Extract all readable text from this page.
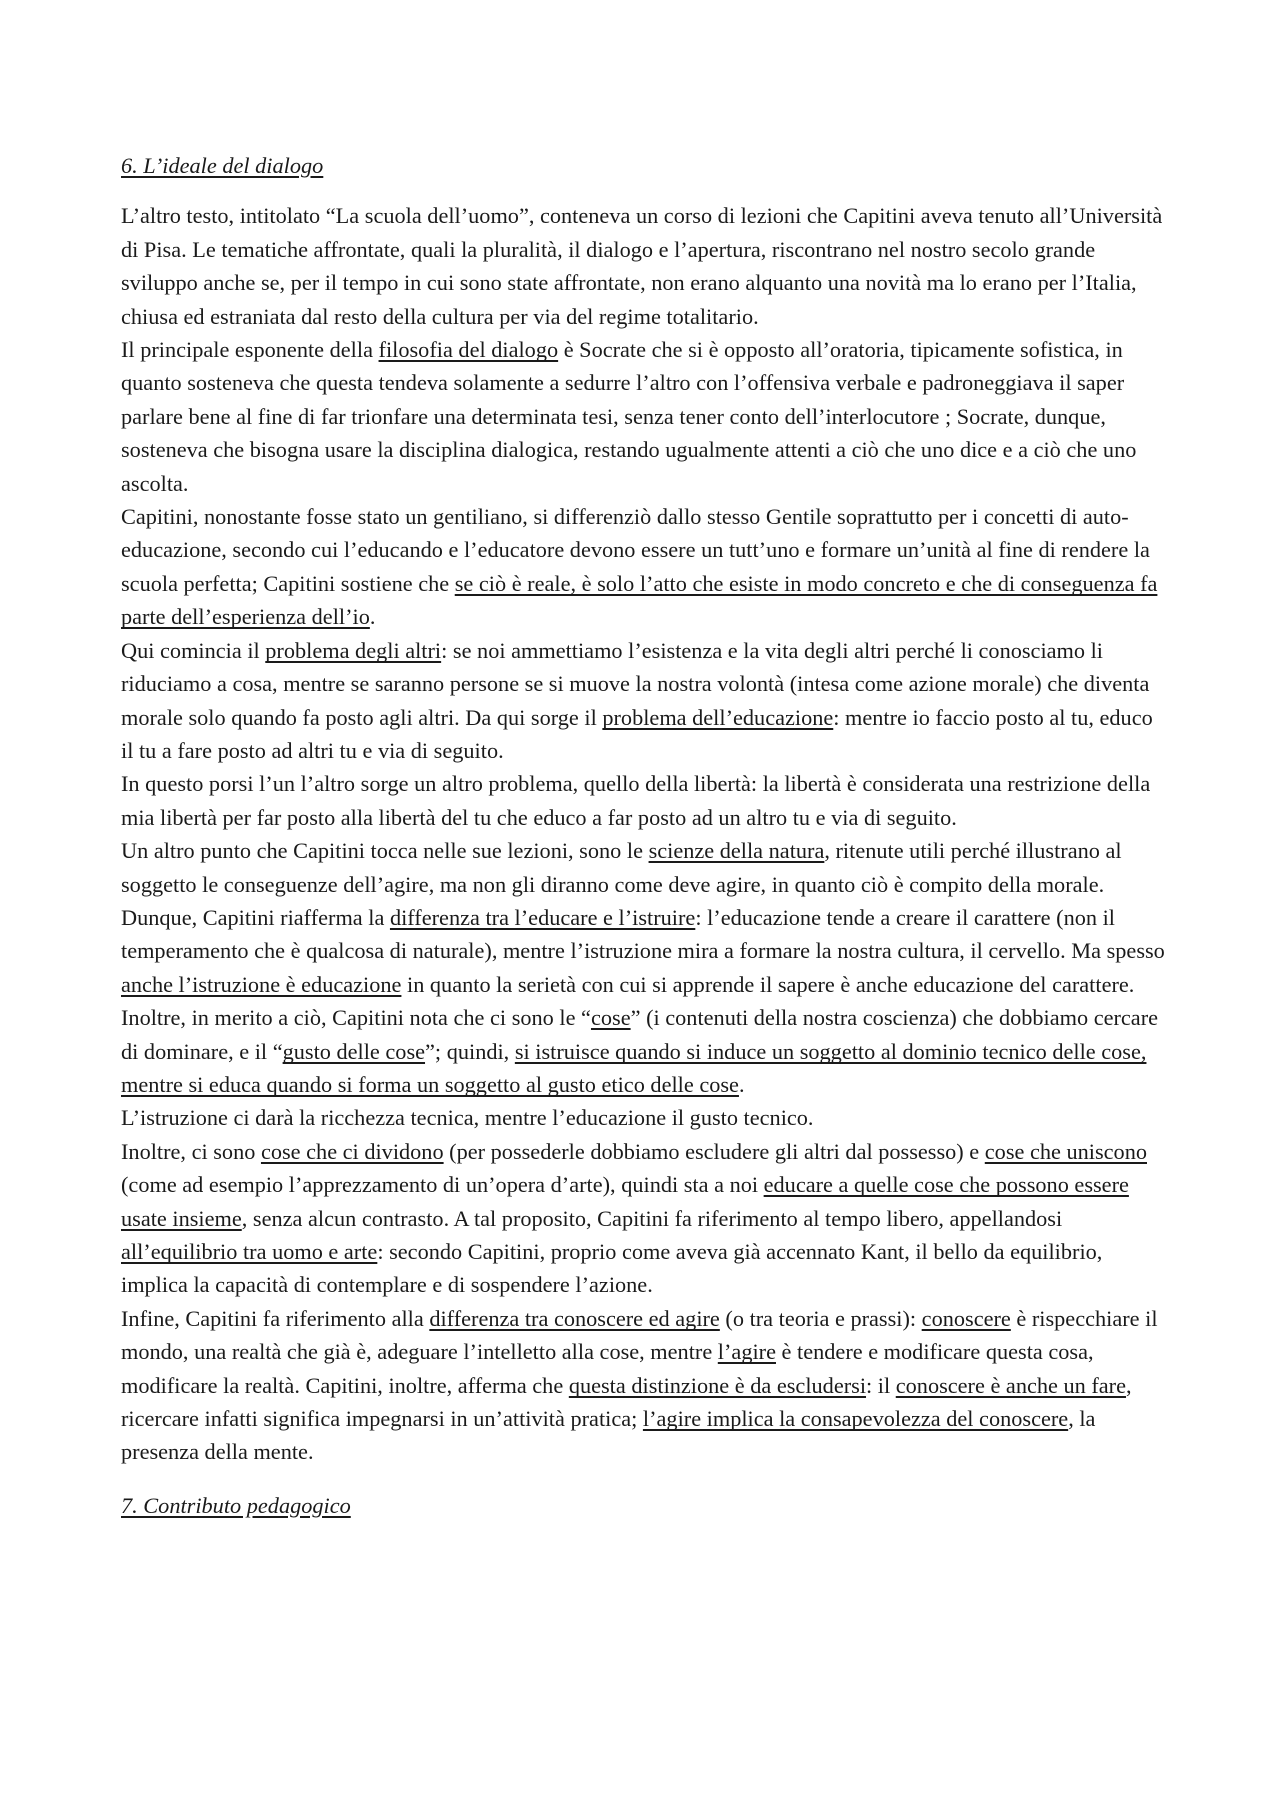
6. L’ideale del dialogo

L’altro testo, intitolato “La scuola dell’uomo”, conteneva un corso di lezioni che Capitini aveva tenuto all’Università di Pisa. Le tematiche affrontate, quali la pluralità, il dialogo e l’apertura, riscontrano nel nostro secolo grande sviluppo anche se, per il tempo in cui sono state affrontate, non erano alquanto una novità ma lo erano per l’Italia, chiusa ed estraniata dal resto della cultura per via del regime totalitario.

Il principale esponente della filosofia del dialogo è Socrate che si è opposto all’oratoria, tipicamente sofistica, in quanto sosteneva che questa tendeva solamente a sedurre l’altro con l’offensiva verbale e padroneggiava il saper parlare bene al fine di far trionfare una determinata tesi, senza tener conto dell’interlocutore ; Socrate, dunque, sosteneva che bisogna usare la disciplina dialogica, restando ugualmente attenti a ciò che uno dice e a ciò che uno ascolta.

Capitini, nonostante fosse stato un gentiliano, si differenziò dallo stesso Gentile soprattutto per i concetti di auto-educazione, secondo cui l’educando e l’educatore devono essere un tutt’uno e formare un’unità al fine di rendere la scuola perfetta; Capitini sostiene che se ciò è reale, è solo l’atto che esiste in modo concreto e che di conseguenza fa parte dell’esperienza dell’io.

Qui comincia il problema degli altri: se noi ammettiamo l’esistenza e la vita degli altri perché li conosciamo li riduciamo a cosa, mentre se saranno persone se si muove la nostra volontà (intesa come azione morale) che diventa morale solo quando fa posto agli altri. Da qui sorge il problema dell’educazione: mentre io faccio posto al tu, educo il tu a fare posto ad altri tu e via di seguito.

In questo porsi l’un l’altro sorge un altro problema, quello della libertà: la libertà è considerata una restrizione della mia libertà per far posto alla libertà del tu che educo a far posto ad un altro tu e via di seguito.

Un altro punto che Capitini tocca nelle sue lezioni, sono le scienze della natura, ritenute utili perché illustrano al soggetto le conseguenze dell’agire, ma non gli diranno come deve agire, in quanto ciò è compito della morale. Dunque, Capitini riafferma la differenza tra l’educare e l’istruire: l’educazione tende a creare il carattere (non il temperamento che è qualcosa di naturale), mentre l’istruzione mira a formare la nostra cultura, il cervello. Ma spesso anche l’istruzione è educazione in quanto la serietà con cui si apprende il sapere è anche educazione del carattere. Inoltre, in merito a ciò, Capitini nota che ci sono le “cose” (i contenuti della nostra coscienza) che dobbiamo cercare di dominare, e il “gusto delle cose”; quindi, si istruisce quando si induce un soggetto al dominio tecnico delle cose, mentre si educa quando si forma un soggetto al gusto etico delle cose.

L’istruzione ci darà la ricchezza tecnica, mentre l’educazione il gusto tecnico.

Inoltre, ci sono cose che ci dividono (per possederle dobbiamo escludere gli altri dal possesso) e cose che uniscono (come ad esempio l’apprezzamento di un’opera d’arte), quindi sta a noi educare a quelle cose che possono essere usate insieme, senza alcun contrasto. A tal proposito, Capitini fa riferimento al tempo libero, appellandosi all’equilibrio tra uomo e arte: secondo Capitini, proprio come aveva già accennato Kant, il bello da equilibrio, implica la capacità di contemplare e di sospendere l’azione.

Infine, Capitini fa riferimento alla differenza tra conoscere ed agire (o tra teoria e prassi): conoscere è rispecchiare il mondo, una realtà che già è, adeguare l’intelletto alla cose, mentre l’agire è tendere e modificare questa cosa, modificare la realtà. Capitini, inoltre, afferma che questa distinzione è da escludersi: il conoscere è anche un fare, ricercare infatti significa impegnarsi in un’attività pratica; l’agire implica la consapevolezza del conoscere, la presenza della mente.

7. Contributo pedagogico
